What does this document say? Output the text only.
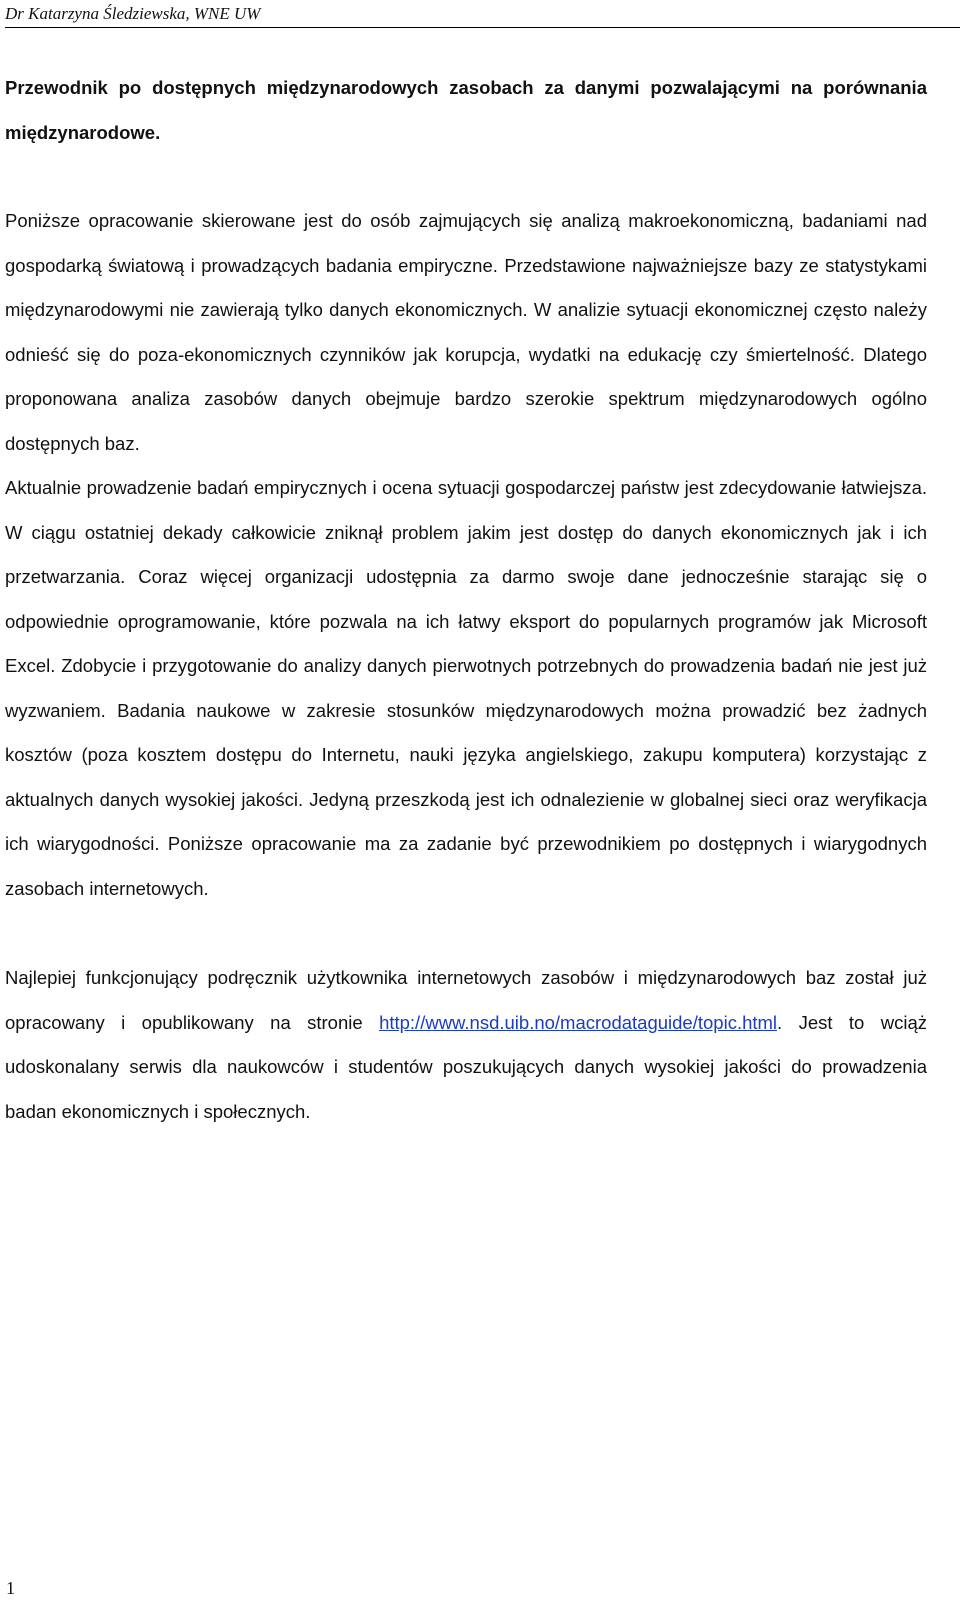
Dr Katarzyna Śledziewska, WNE UW

Przewodnik po dostępnych międzynarodowych zasobach za danymi pozwalającymi na porównania międzynarodowe.

Poniższe opracowanie skierowane jest do osób zajmujących się analizą makroekonomiczną, badaniami nad gospodarką światową i prowadzących badania empiryczne. Przedstawione najważniejsze bazy ze statystykami międzynarodowymi nie zawierają tylko danych ekonomicznych. W analizie sytuacji ekonomicznej często należy odnieść się do poza-ekonomicznych czynników jak korupcja, wydatki na edukację czy śmiertelność. Dlatego proponowana analiza zasobów danych obejmuje bardzo szerokie spektrum międzynarodowych ogólno dostępnych baz.

Aktualnie prowadzenie badań empirycznych i ocena sytuacji gospodarczej państw jest zdecydowanie łatwiejsza. W ciągu ostatniej dekady całkowicie zniknął problem jakim jest dostęp do danych ekonomicznych jak i ich przetwarzania. Coraz więcej organizacji udostępnia za darmo swoje dane jednocześnie starając się o odpowiednie oprogramowanie, które pozwala na ich łatwy eksport do popularnych programów jak Microsoft Excel. Zdobycie i przygotowanie do analizy danych pierwotnych potrzebnych do prowadzenia badań nie jest już wyzwaniem. Badania naukowe w zakresie stosunków międzynarodowych można prowadzić bez żadnych kosztów (poza kosztem dostępu do Internetu, nauki języka angielskiego, zakupu komputera) korzystając z aktualnych danych wysokiej jakości. Jedyną przeszkodą jest ich odnalezienie w globalnej sieci oraz weryfikacja ich wiarygodności. Poniższe opracowanie ma za zadanie być przewodnikiem po dostępnych i wiarygodnych zasobach internetowych.

Najlepiej funkcjonujący podręcznik użytkownika internetowych zasobów i międzynarodowych baz został już opracowany i opublikowany na stronie http://www.nsd.uib.no/macrodataguide/topic.html. Jest to wciąż udoskonalany serwis dla naukowców i studentów poszukujących danych wysokiej jakości do prowadzenia badan ekonomicznych i społecznych.

1
